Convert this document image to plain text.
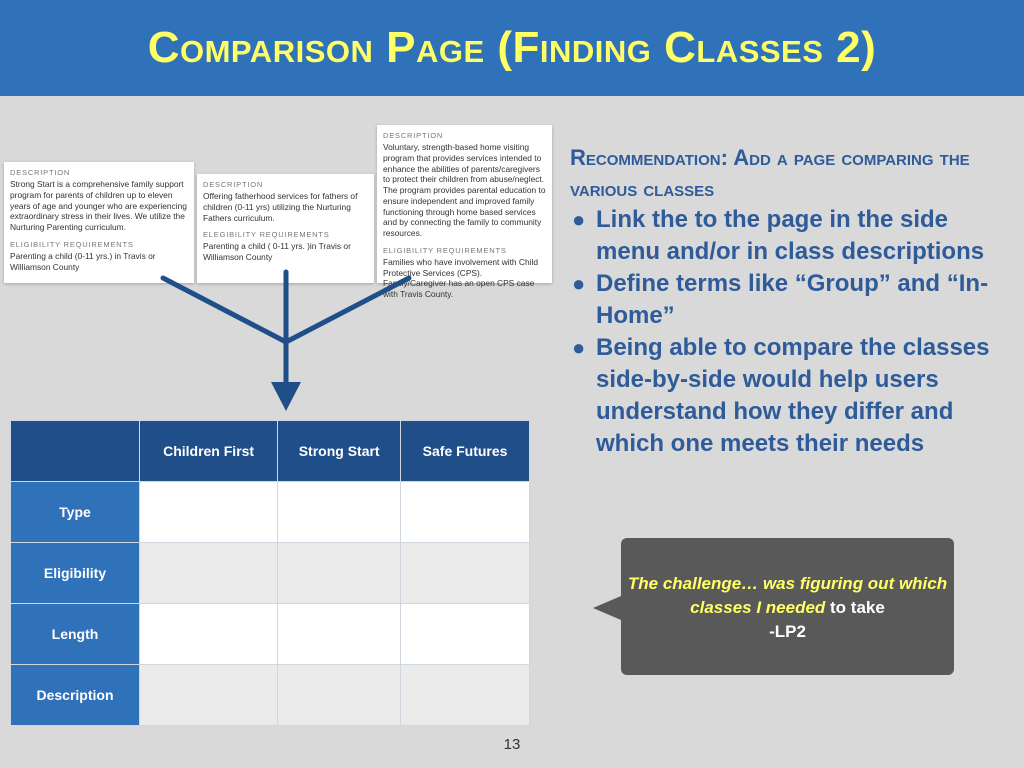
Comparison Page (Finding Classes 2)
DESCRIPTION
Strong Start is a comprehensive family support program for parents of children up to eleven years of age and younger who are experiencing extraordinary stress in their lives. We utilize the Nurturing Parenting curriculum.
ELIGIBILITY REQUIREMENTS
Parenting a child (0-11 yrs.) in Travis or Williamson County
DESCRIPTION
Offering fatherhood services for fathers of children (0-11 yrs) utilizing the Nurturing Fathers curriculum.
ELEGIBILITY REQUIREMENTS
Parenting a child ( 0-11 yrs. )in Travis or Williamson County
DESCRIPTION
Voluntary, strength-based home visiting program that provides services intended to enhance the abilities of parents/caregivers to protect their children from abuse/neglect. The program provides parental education to ensure independent and improved family functioning through home based services and by connecting the family to community resources.
ELIGIBILITY REQUIREMENTS
Families who have involvement with Child Protective Services (CPS). Family/Caregiver has an open CPS case with Travis County.
	Children First	Strong Start	Safe Futures
Type			
Eligibility			
Length			
Description			
Recommendation: Add a page comparing the various classes
● Link the to the page in the side menu and/or in class descriptions
● Define terms like “Group” and “In-Home”
● Being able to compare the classes side-by-side would help users understand how they differ and which one meets their needs
The challenge… was figuring out which classes I needed to take
-LP2
13
